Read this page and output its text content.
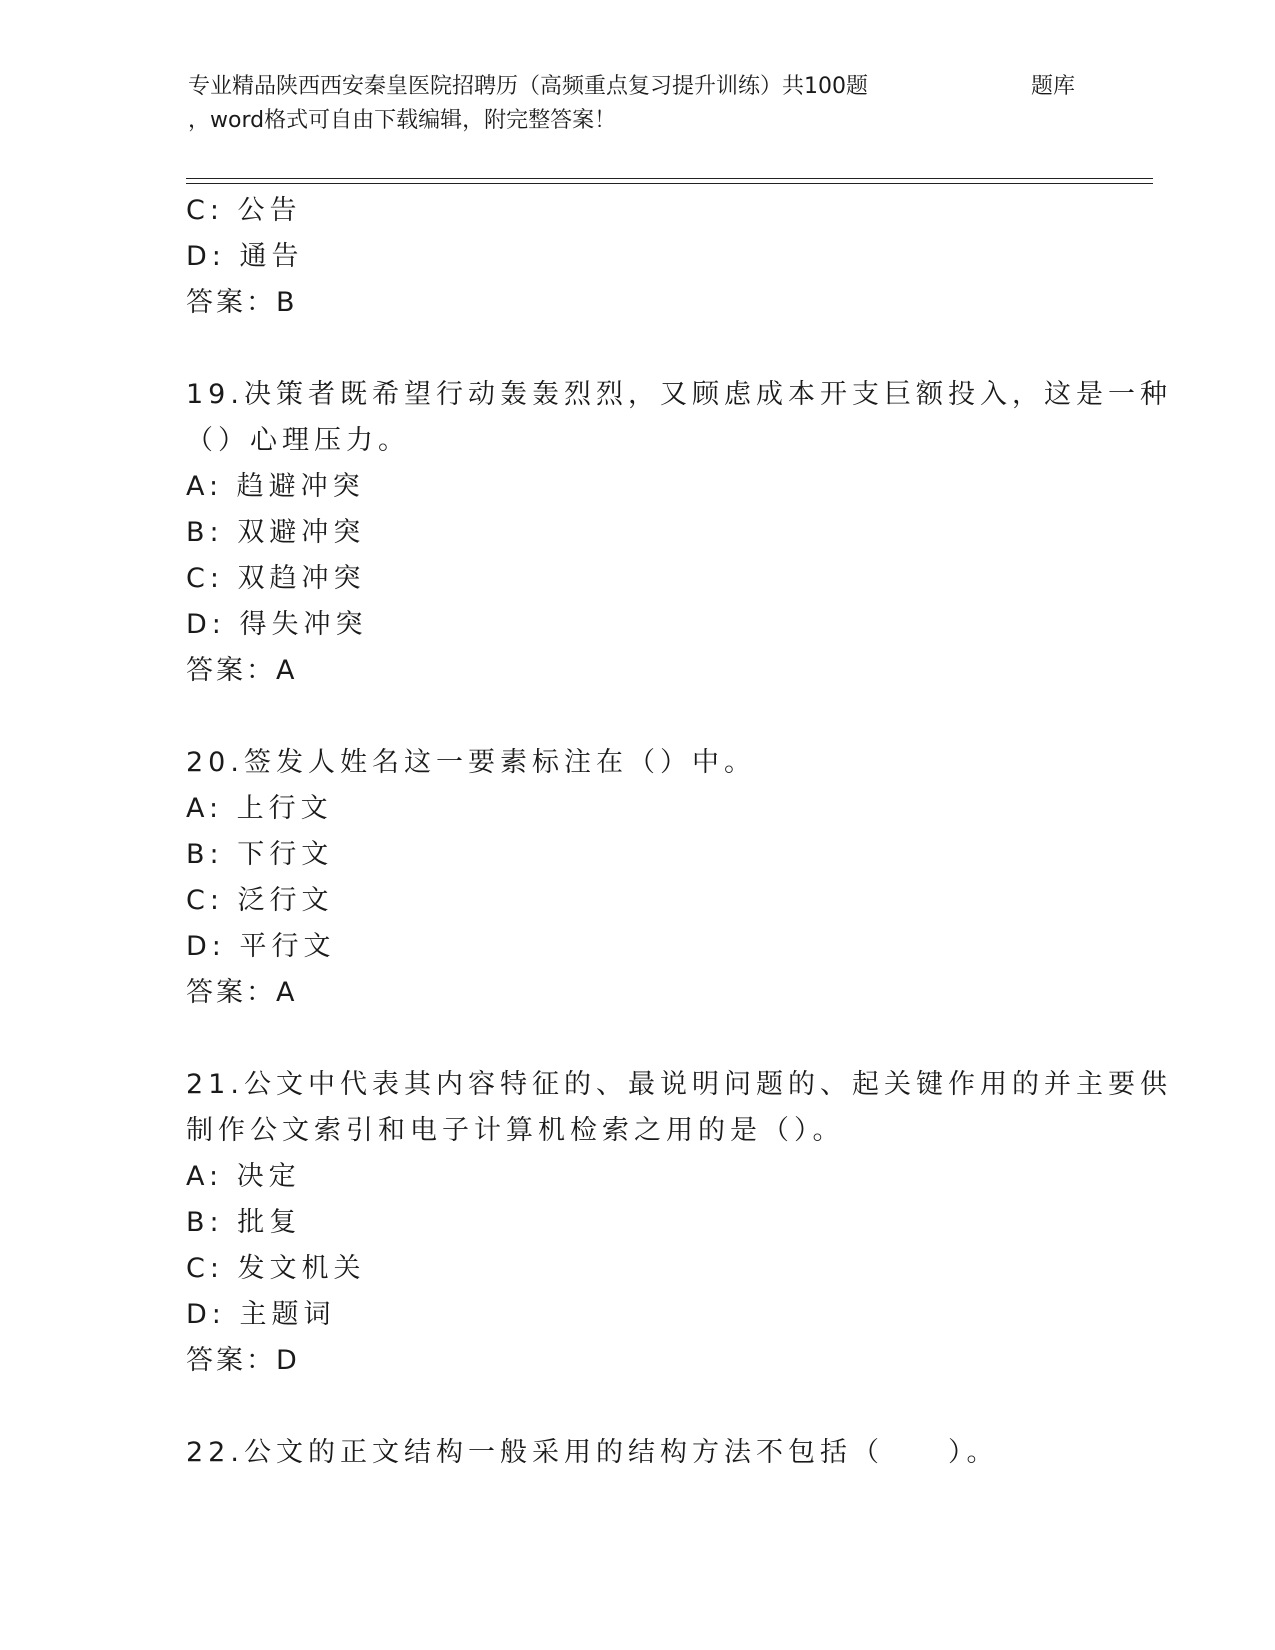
专业精品陕西西安秦皇医院招聘历（高频重点复习提升训练）共100题	题库
，word格式可自由下载编辑，附完整答案！
C: 公告
D: 通告
答案：B
19.决策者既希望行动轰轰烈烈，又顾虑成本开支巨额投入，这是一种
（）心理压力。
A: 趋避冲突
B: 双避冲突
C: 双趋冲突
D: 得失冲突
答案：A
20.签发人姓名这一要素标注在（）中。
A: 上行文
B: 下行文
C: 泛行文
D: 平行文
答案：A
21.公文中代表其内容特征的、最说明问题的、起关键作用的并主要供
制作公文索引和电子计算机检索之用的是（）。
A: 决定
B: 批复
C: 发文机关
D: 主题词
答案：D
22.公文的正文结构一般采用的结构方法不包括（　　）。
